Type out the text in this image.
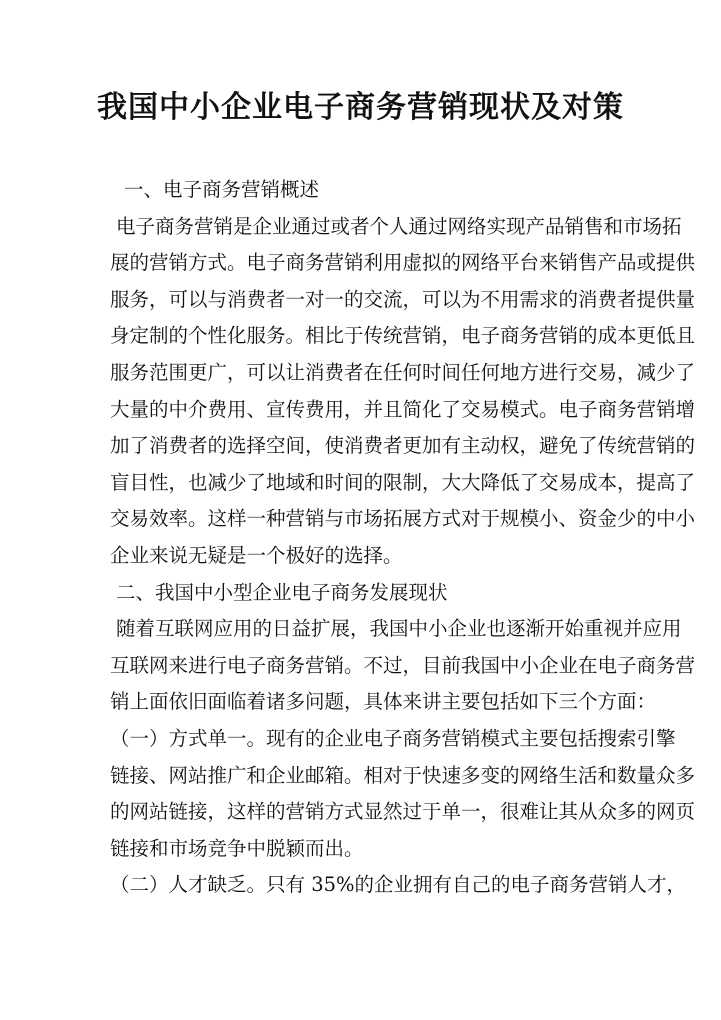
我国中小企业电子商务营销现状及对策
一、电子商务营销概述
电子商务营销是企业通过或者个人通过网络实现产品销售和市场拓
展的营销方式。电子商务营销利用虚拟的网络平台来销售产品或提供
服务，可以与消费者一对一的交流，可以为不用需求的消费者提供量
身定制的个性化服务。相比于传统营销，电子商务营销的成本更低且
服务范围更广，可以让消费者在任何时间任何地方进行交易，减少了
大量的中介费用、宣传费用，并且简化了交易模式。电子商务营销增
加了消费者的选择空间，使消费者更加有主动权，避免了传统营销的
盲目性，也减少了地域和时间的限制，大大降低了交易成本，提高了
交易效率。这样一种营销与市场拓展方式对于规模小、资金少的中小
企业来说无疑是一个极好的选择。
二、我国中小型企业电子商务发展现状
随着互联网应用的日益扩展，我国中小企业也逐渐开始重视并应用
互联网来进行电子商务营销。不过，目前我国中小企业在电子商务营
销上面依旧面临着诸多问题，具体来讲主要包括如下三个方面：
（一）方式单一。现有的企业电子商务营销模式主要包括搜索引擎
链接、网站推广和企业邮箱。相对于快速多变的网络生活和数量众多
的网站链接，这样的营销方式显然过于单一，很难让其从众多的网页
链接和市场竞争中脱颖而出。
（二）人才缺乏。只有 35%的企业拥有自己的电子商务营销人才，
